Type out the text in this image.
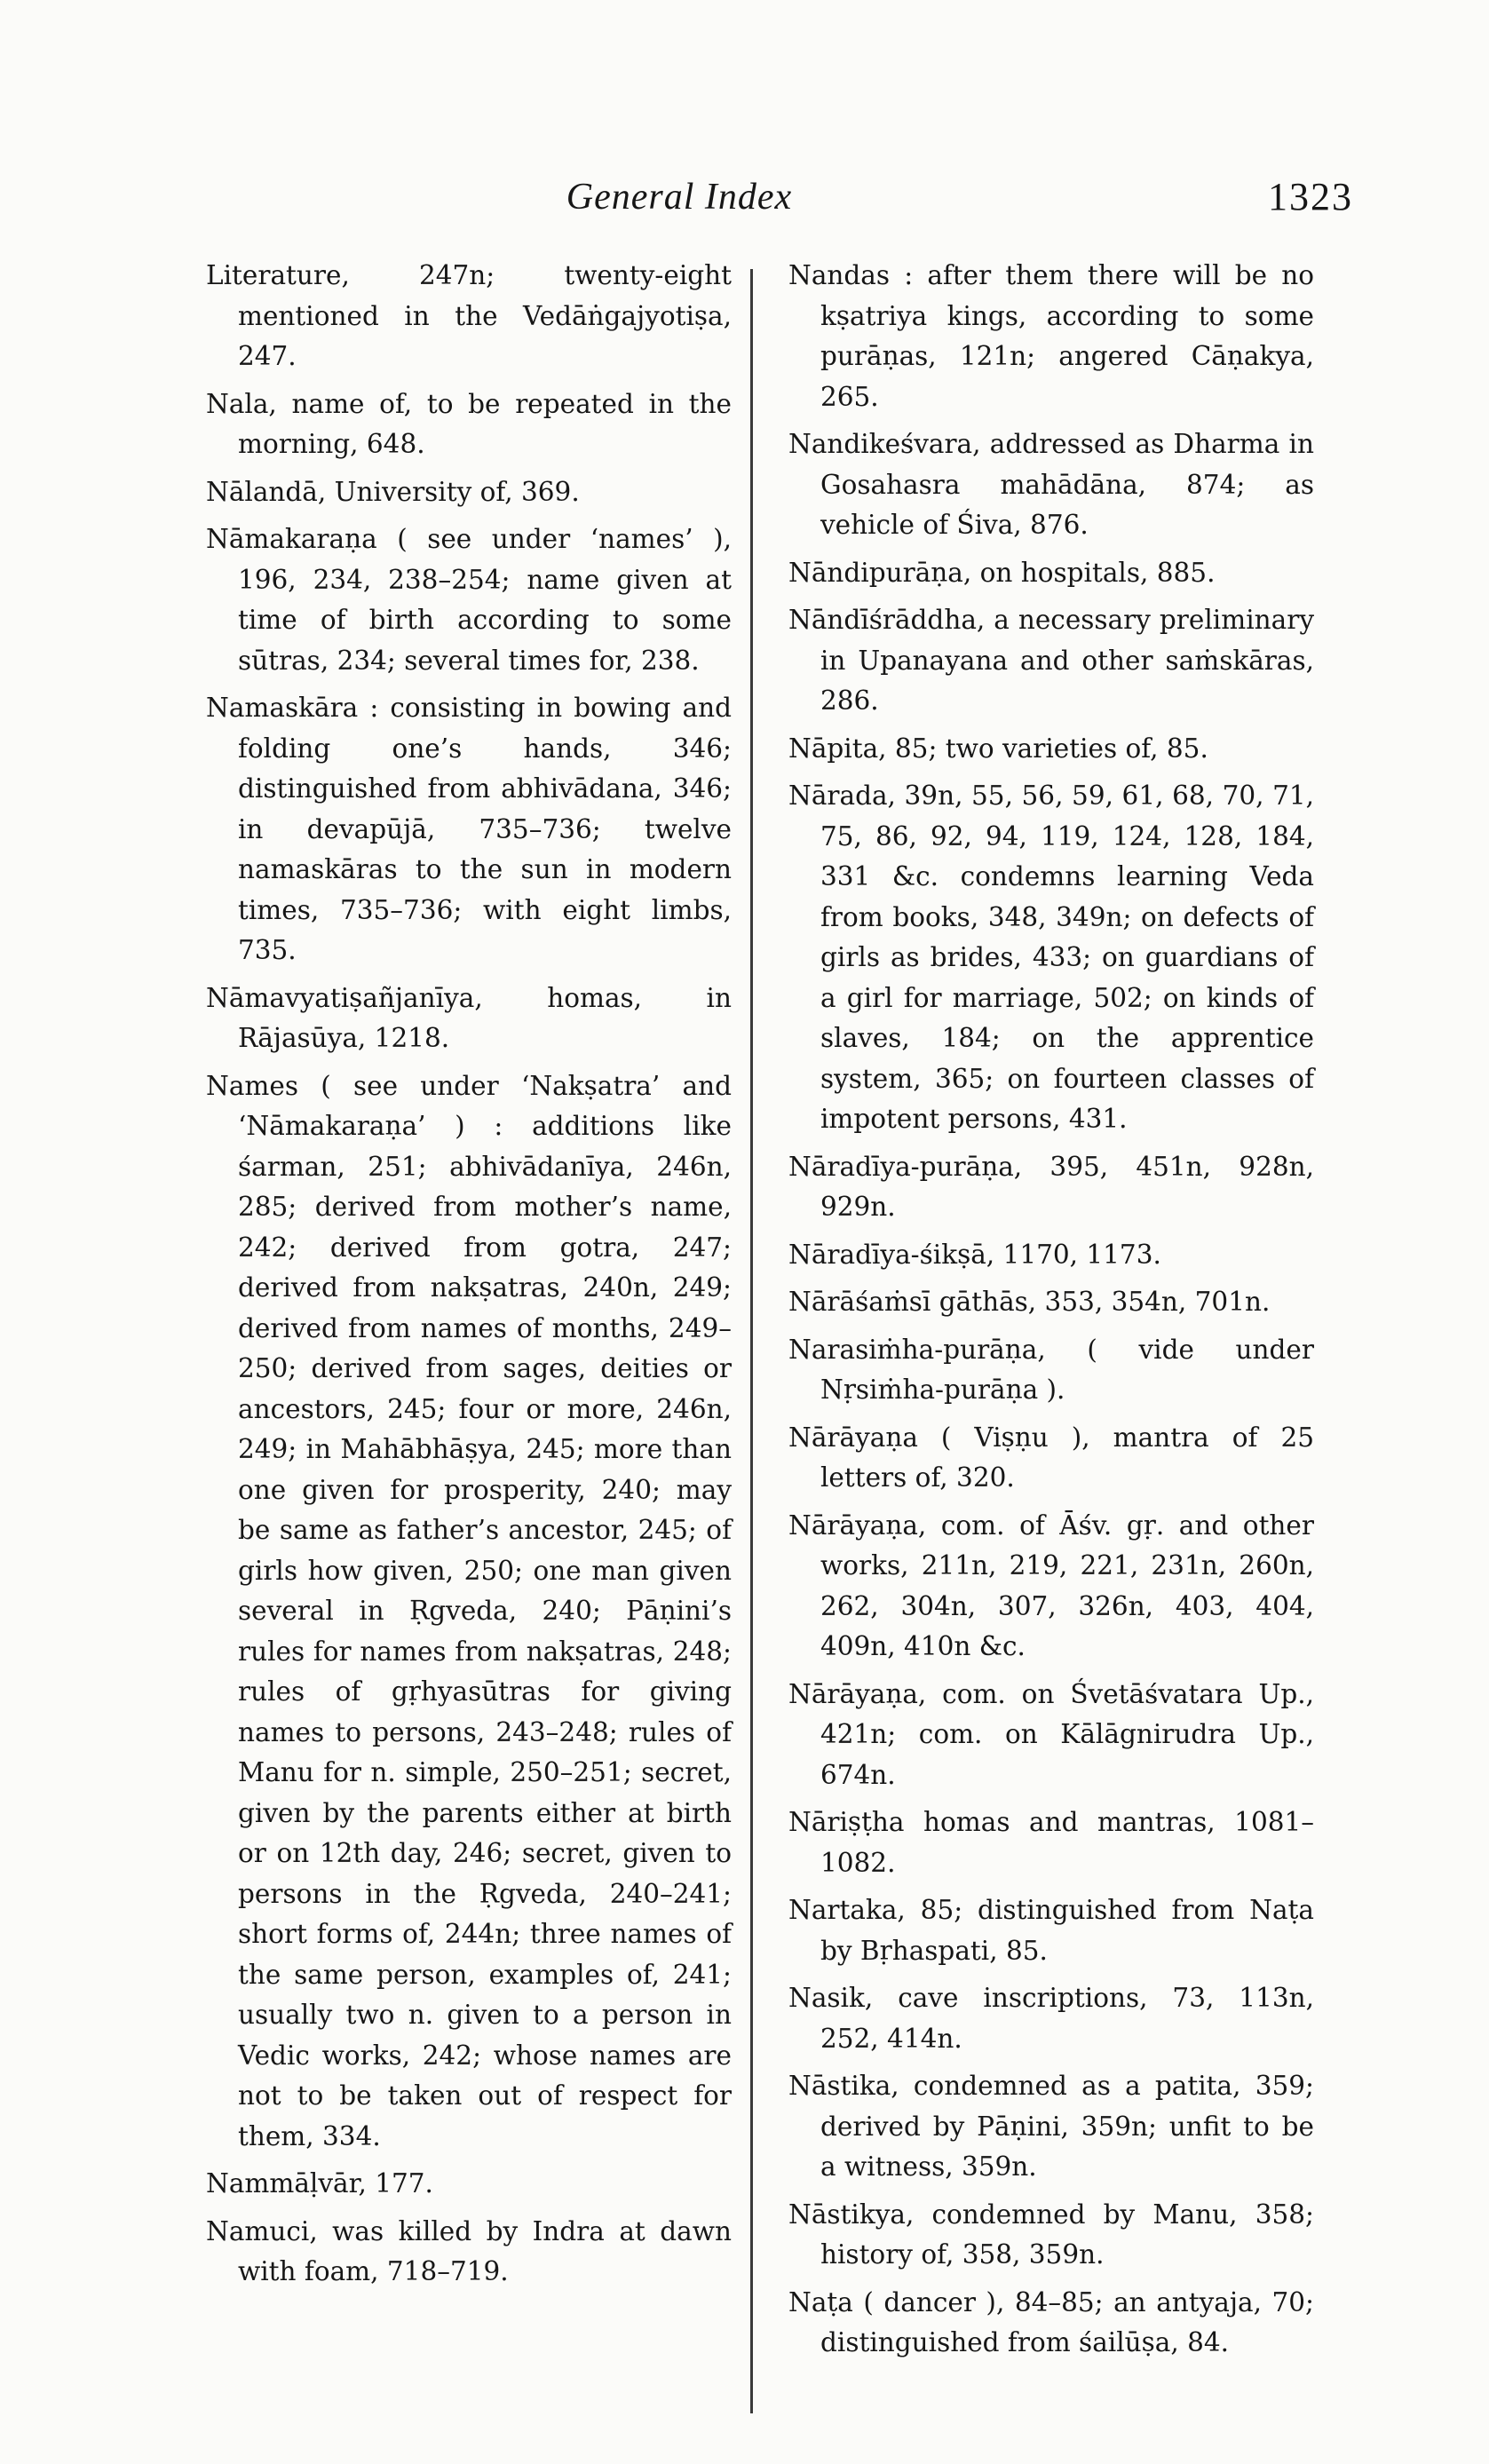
General Index	1323

Literature, 247n; twenty-eight mentioned in the Vedāṅgajyotiṣa, 247.

Nala, name of, to be repeated in the morning, 648.

Nālandā, University of, 369.

Nāmakaraṇa ( see under ‘names’ ), 196, 234, 238–254; name given at time of birth according to some sūtras, 234; several times for, 238.

Namaskāra : consisting in bowing and folding one’s hands, 346; distinguished from abhivādana, 346; in devapūjā, 735–736; twelve namaskāras to the sun in modern times, 735–736; with eight limbs, 735.

Nāmavyatiṣañjanīya, homas, in Rājasūya, 1218.

Names ( see under ‘Nakṣatra’ and ‘Nāmakaraṇa’ ) : additions like śarman, 251; abhivādanīya, 246n, 285; derived from mother’s name, 242; derived from gotra, 247; derived from nakṣatras, 240n, 249; derived from names of months, 249–250; derived from sages, deities or ancestors, 245; four or more, 246n, 249; in Mahābhāṣya, 245; more than one given for prosperity, 240; may be same as father’s ancestor, 245; of girls how given, 250; one man given several in Ṛgveda, 240; Pāṇini’s rules for names from nakṣatras, 248; rules of gṛhyasūtras for giving names to persons, 243–248; rules of Manu for n. simple, 250–251; secret, given by the parents either at birth or on 12th day, 246; secret, given to persons in the Ṛgveda, 240–241; short forms of, 244n; three names of the same person, examples of, 241; usually two n. given to a person in Vedic works, 242; whose names are not to be taken out of respect for them, 334.

Nammāḷvār, 177.

Namuci, was killed by Indra at dawn with foam, 718–719.

Nandas : after them there will be no kṣatriya kings, according to some purāṇas, 121n; angered Cāṇakya, 265.

Nandikeśvara, addressed as Dharma in Gosahasra mahādāna, 874; as vehicle of Śiva, 876.

Nāndipurāṇa, on hospitals, 885.

Nāndīśrāddha, a necessary preliminary in Upanayana and other saṁskāras, 286.

Nāpita, 85; two varieties of, 85.

Nārada, 39n, 55, 56, 59, 61, 68, 70, 71, 75, 86, 92, 94, 119, 124, 128, 184, 331 &c. condemns learning Veda from books, 348, 349n; on defects of girls as brides, 433; on guardians of a girl for marriage, 502; on kinds of slaves, 184; on the apprentice system, 365; on fourteen classes of impotent persons, 431.

Nāradīya-purāṇa, 395, 451n, 928n, 929n.

Nāradīya-śikṣā, 1170, 1173.

Nārāśaṁsī gāthās, 353, 354n, 701n.

Narasiṁha-purāṇa, ( vide under Nṛsiṁha-purāṇa ).

Nārāyaṇa ( Viṣṇu ), mantra of 25 letters of, 320.

Nārāyaṇa, com. of Āśv. gṛ. and other works, 211n, 219, 221, 231n, 260n, 262, 304n, 307, 326n, 403, 404, 409n, 410n &c.

Nārāyaṇa, com. on Śvetāśvatara Up., 421n; com. on Kālāgnirudra Up., 674n.

Nāriṣṭha homas and mantras, 1081–1082.

Nartaka, 85; distinguished from Naṭa by Bṛhaspati, 85.

Nasik, cave inscriptions, 73, 113n, 252, 414n.

Nāstika, condemned as a patita, 359; derived by Pāṇini, 359n; unfit to be a witness, 359n.

Nāstikya, condemned by Manu, 358; history of, 358, 359n.

Naṭa ( dancer ), 84–85; an antyaja, 70; distinguished from śailūṣa, 84.
